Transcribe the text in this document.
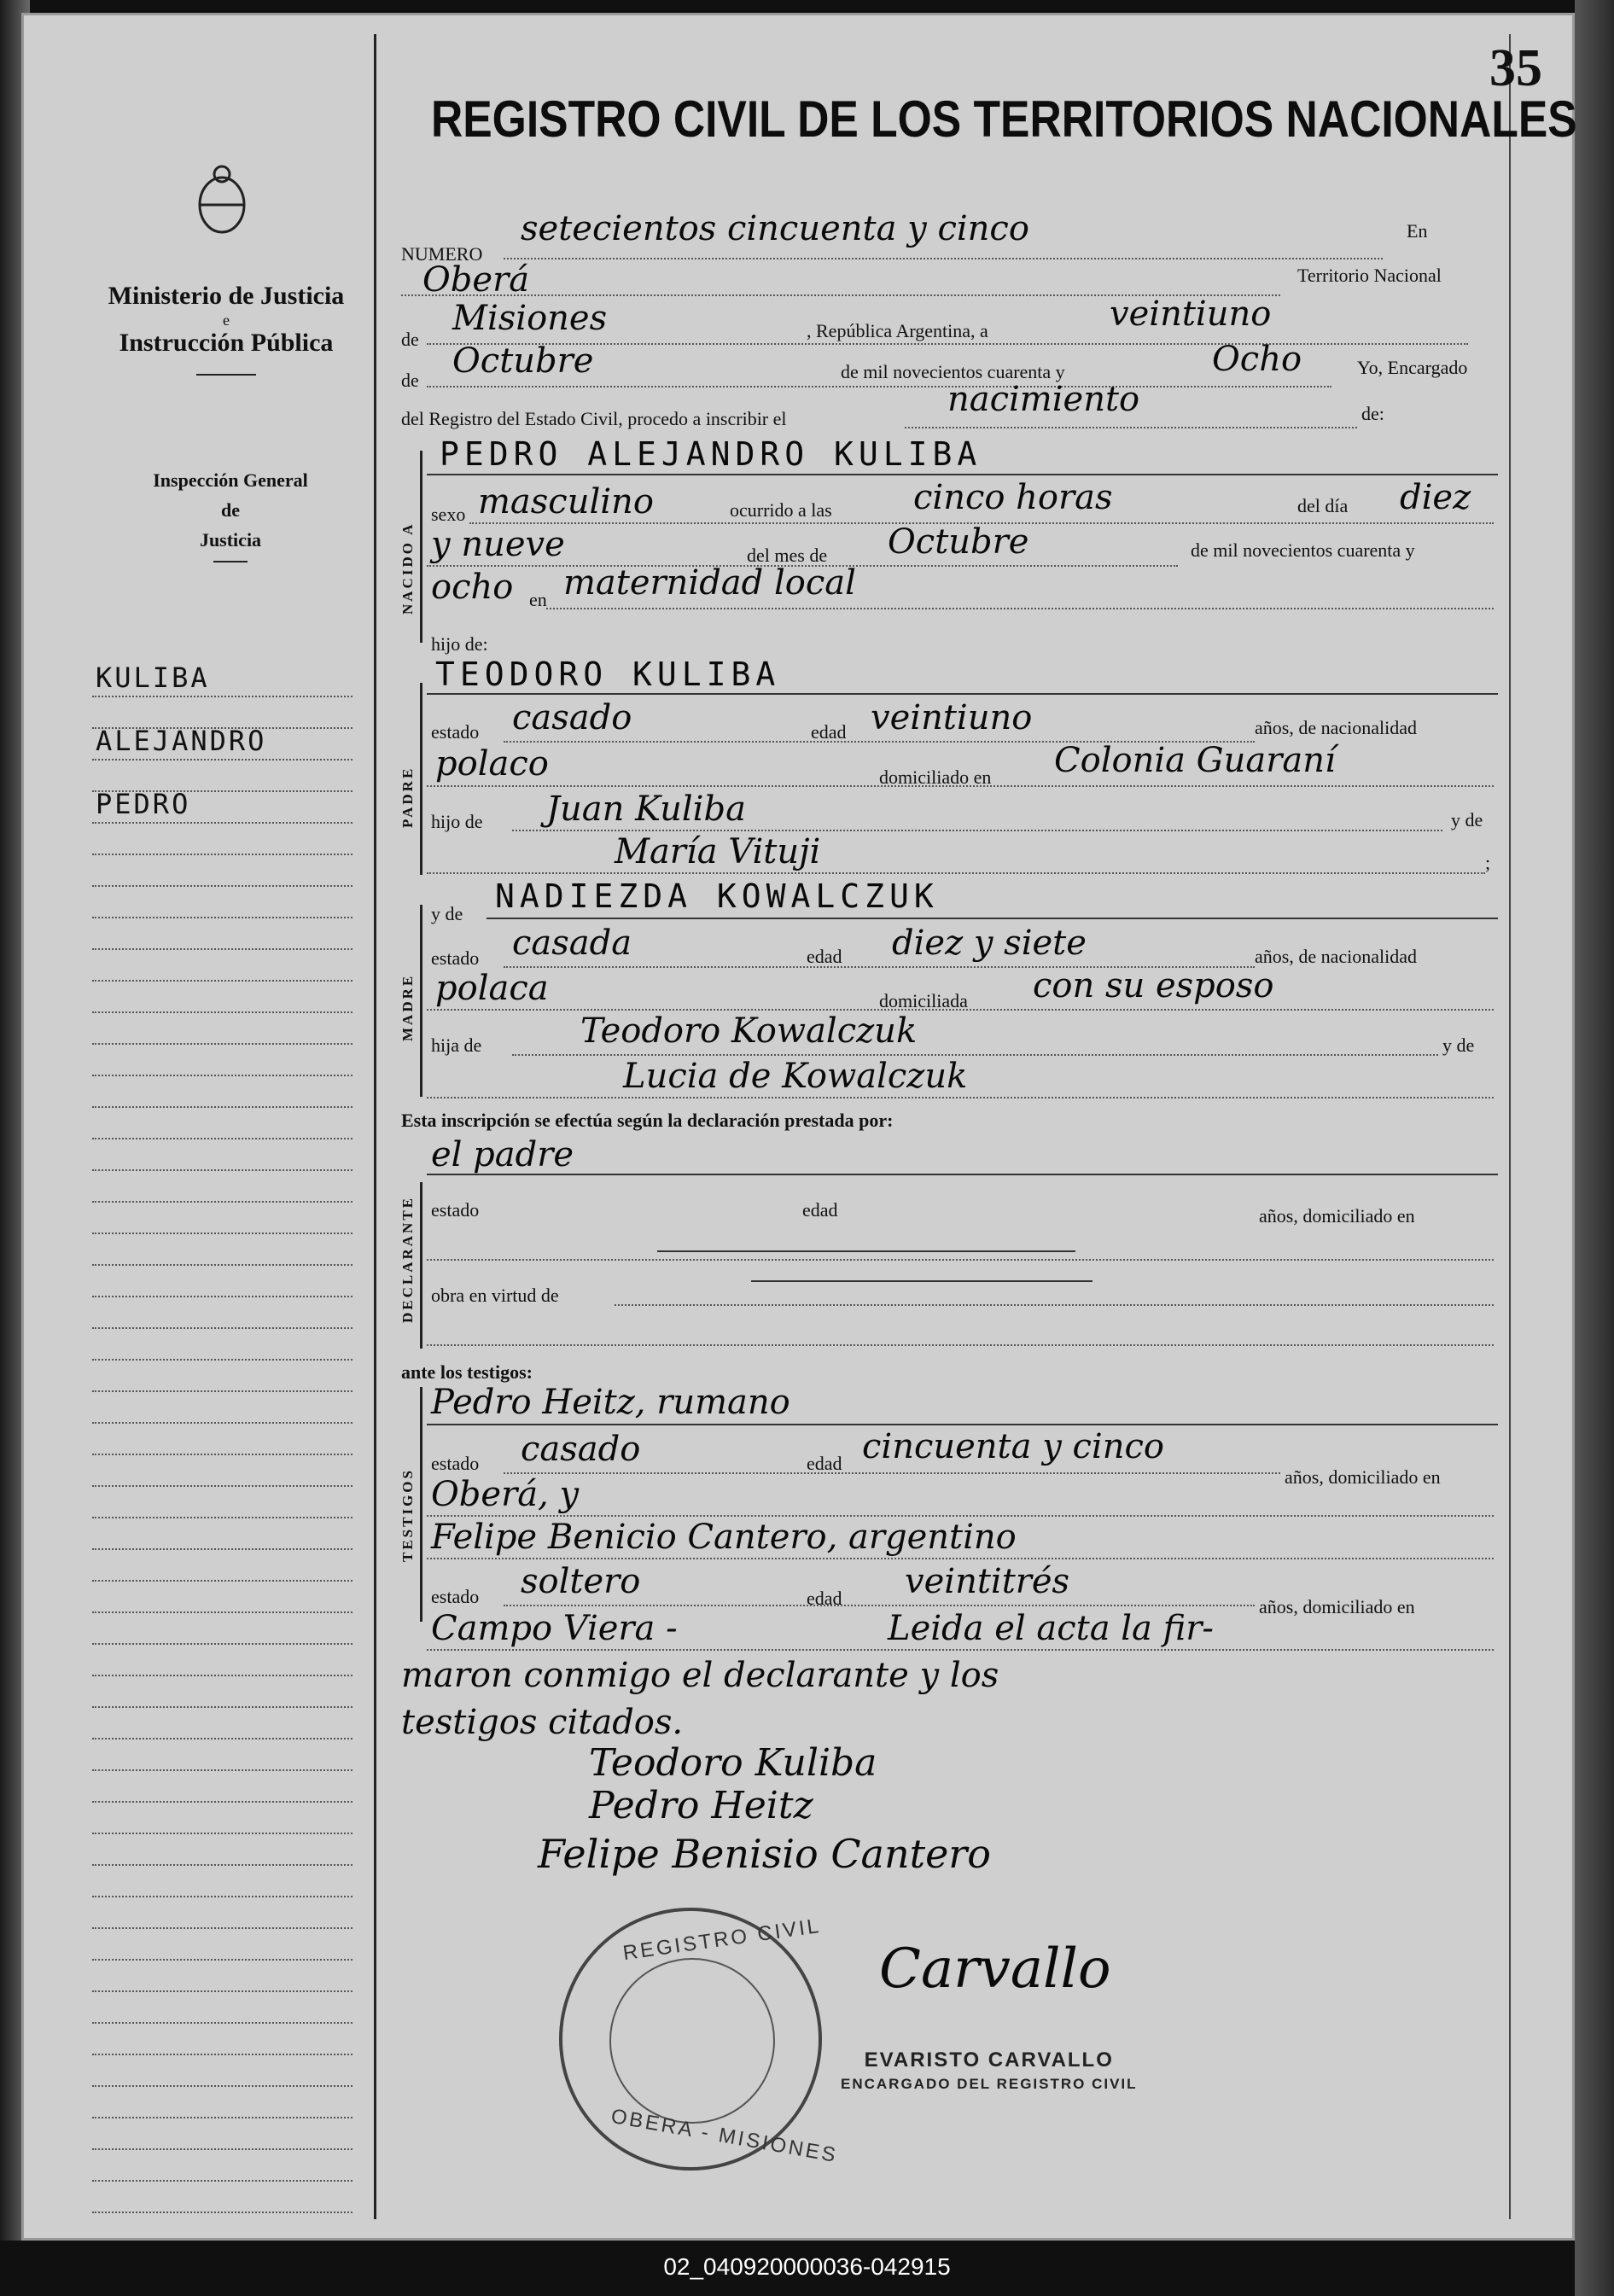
35
REGISTRO CIVIL DE LOS TERRITORIOS NACIONALES
Ministerio de Justicia
e
Instrucción Pública
Inspección General
de
Justicia
KULIBA
ALEJANDRO
PEDRO
NUMERO
setecientos cincuenta y cinco	En
Oberá	Territorio Nacional
de
Misiones	, República Argentina, a	veintiuno
de Octubre	de mil novecientos cuarenta y	Ocho	Yo, Encargado
del Registro del Estado Civil, procedo a inscribir el	nacimiento	de:
NACIDO A
PEDRO ALEJANDRO KULIBA
sexo masculino	ocurrido a las cinco horas	del día diez
y nueve	del mes de Octubre	de mil novecientos cuarenta y
ocho en maternidad local
hijo de:
PADRE
TEODORO KULIBA
estado casado	edad veintiuno	años, de nacionalidad
polaco	domiciliado en Colonia Guaraní
hijo de Juan Kuliba	y de
María Vituji	;
MADRE
y de NADIEZDA KOWALCZUK
estado casada	edad diez y siete	años, de nacionalidad
polaca	domiciliada con su esposo
hija de	Teodoro Kowalczuk	y de
Lucia de Kowalczuk
Esta inscripción se efectúa según la declaración prestada por:
el padre
DECLARANTE estado	edad	años, domiciliado en
obra en virtud de
ante los testigos:
TESTIGOS
Pedro Heitz, rumano
estado casado	edad cincuenta y cinco
años, domiciliado en
Oberá, y
Felipe Benicio Cantero, argentino
estado soltero	edad veintitrés
años, domiciliado en
Campo Viera -	Leida el acta la fir-
maron conmigo el declarante y los
testigos citados.
Teodoro Kuliba
Pedro Heitz
Felipe Benisio Cantero
Carvallo
REGISTRO CIVIL
OBERA - MISIONES
EVARISTO CARVALLO
ENCARGADO DEL REGISTRO CIVIL
02_040920000036-042915
